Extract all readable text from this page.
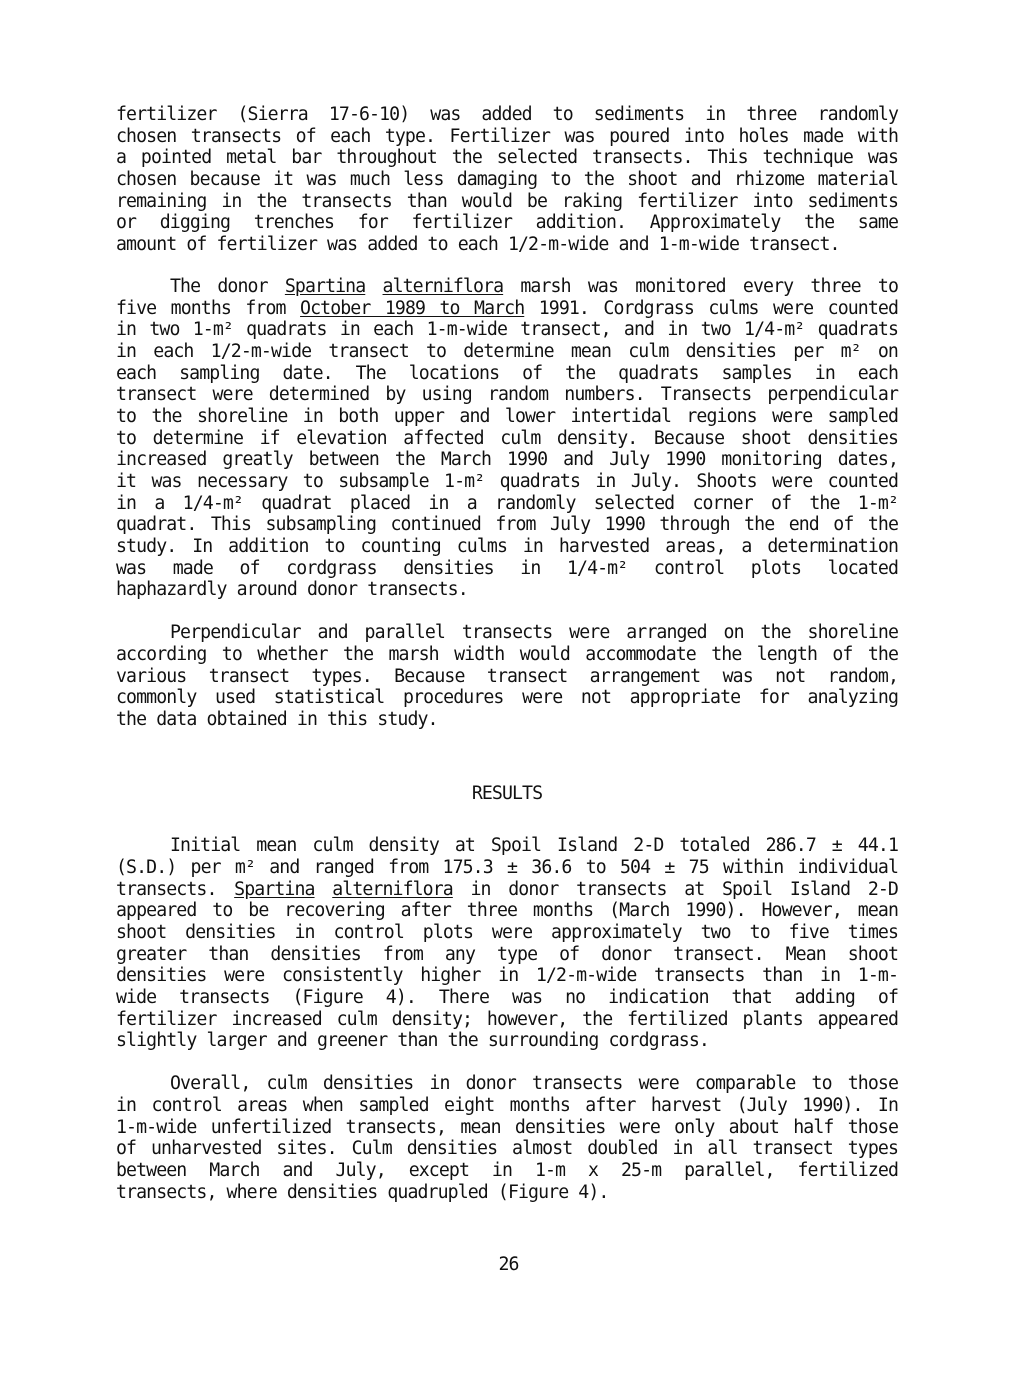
fertilizer (Sierra 17-6-10) was added to sediments in three randomly
chosen transects of each type. Fertilizer was poured into holes made with
a pointed metal bar throughout the selected transects. This technique was
chosen because it was much less damaging to the shoot and rhizome material
remaining in the transects than would be raking fertilizer into sediments
or digging trenches for fertilizer addition. Approximately the same
amount of fertilizer was added to each 1/2-m-wide and 1-m-wide transect.
The donor Spartina alterniflora marsh was monitored every three to
five months from October 1989 to March 1991. Cordgrass culms were counted
in two 1-m² quadrats in each 1-m-wide transect, and in two 1/4-m² quadrats
in each 1/2-m-wide transect to determine mean culm densities per m² on
each sampling date. The locations of the quadrats samples in each
transect were determined by using random numbers. Transects perpendicular
to the shoreline in both upper and lower intertidal regions were sampled
to determine if elevation affected culm density. Because shoot densities
increased greatly between the March 1990 and July 1990 monitoring dates,
it was necessary to subsample 1-m² quadrats in July. Shoots were counted
in a 1/4-m² quadrat placed in a randomly selected corner of the 1-m²
quadrat. This subsampling continued from July 1990 through the end of the
study. In addition to counting culms in harvested areas, a determination
was made of cordgrass densities in 1/4-m² control plots located
haphazardly around donor transects.
Perpendicular and parallel transects were arranged on the shoreline
according to whether the marsh width would accommodate the length of the
various transect types. Because transect arrangement was not random,
commonly used statistical procedures were not appropriate for analyzing
the data obtained in this study.
RESULTS
Initial mean culm density at Spoil Island 2-D totaled 286.7 ± 44.1
(S.D.) per m² and ranged from 175.3 ± 36.6 to 504 ± 75 within individual
transects. Spartina alterniflora in donor transects at Spoil Island 2-D
appeared to be recovering after three months (March 1990). However, mean
shoot densities in control plots were approximately two to five times
greater than densities from any type of donor transect. Mean shoot
densities were consistently higher in 1/2-m-wide transects than in 1-m-
wide transects (Figure 4). There was no indication that adding of
fertilizer increased culm density; however, the fertilized plants appeared
slightly larger and greener than the surrounding cordgrass.
Overall, culm densities in donor transects were comparable to those
in control areas when sampled eight months after harvest (July 1990). In
1-m-wide unfertilized transects, mean densities were only about half those
of unharvested sites. Culm densities almost doubled in all transect types
between March and July, except in 1-m x 25-m parallel, fertilized
transects, where densities quadrupled (Figure 4).
26
